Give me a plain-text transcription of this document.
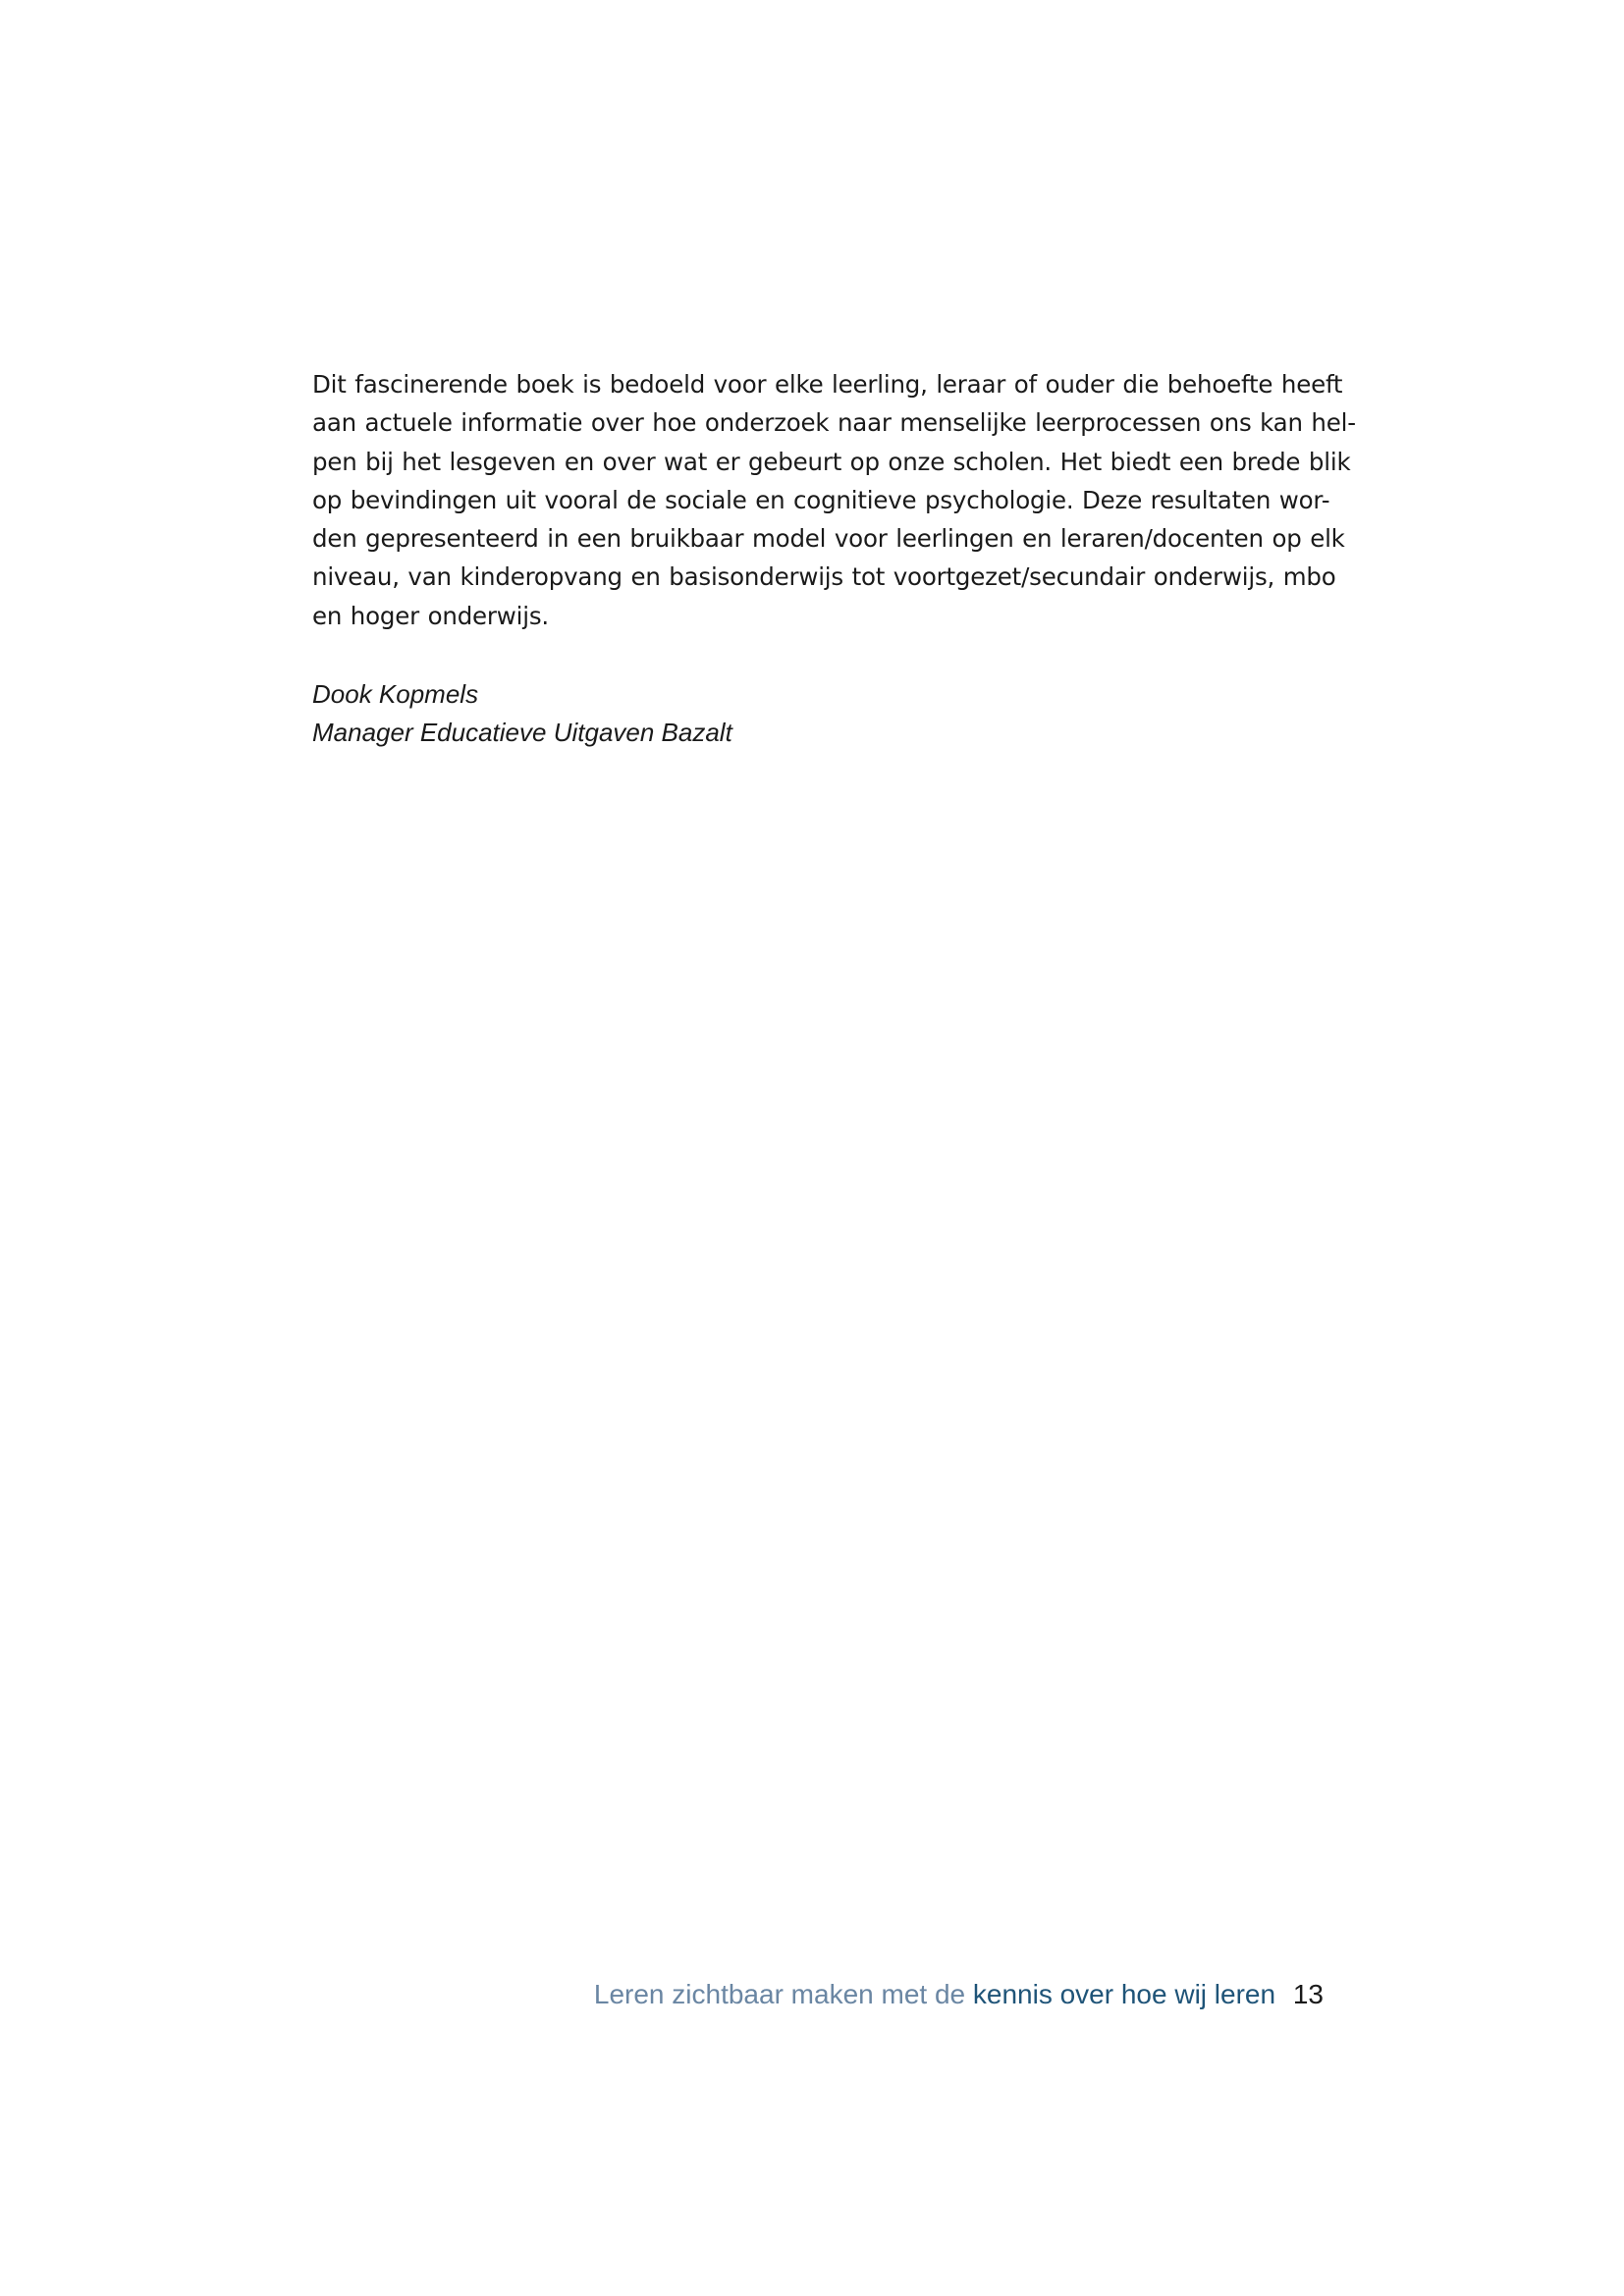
Dit fascinerende boek is bedoeld voor elke leerling, leraar of ouder die behoefte heeft
aan actuele informatie over hoe onderzoek naar menselijke leerprocessen ons kan hel-
pen bij het lesgeven en over wat er gebeurt op onze scholen. Het biedt een brede blik
op bevindingen uit vooral de sociale en cognitieve psychologie. Deze resultaten wor-
den gepresenteerd in een bruikbaar model voor leerlingen en leraren/docenten op elk
niveau, van kinderopvang en basisonderwijs tot voortgezet/secundair onderwijs, mbo
en hoger onderwijs.
Dook Kopmels
Manager Educatieve Uitgaven Bazalt
Leren zichtbaar maken met de kennis over hoe wij leren 13
